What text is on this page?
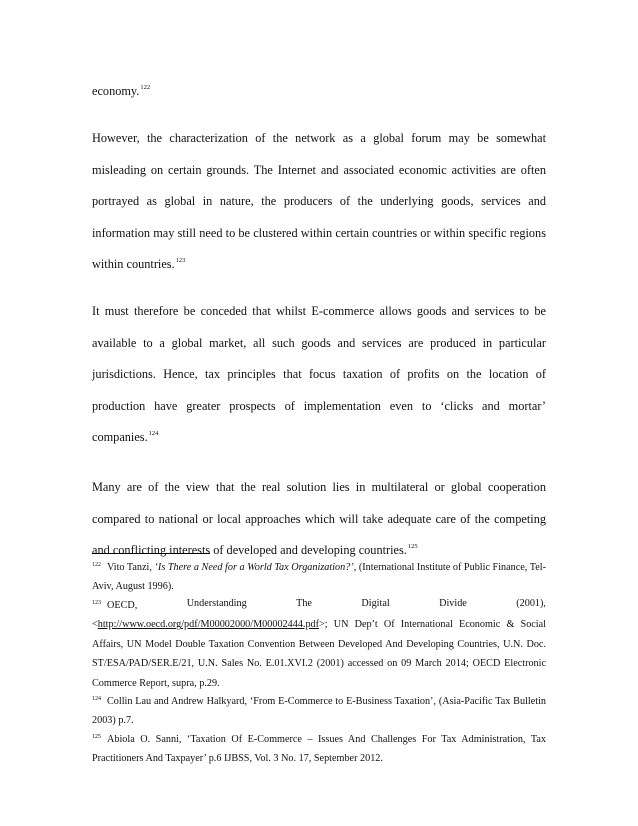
economy.$^{122}$
However, the characterization of the network as a global forum may be somewhat misleading on certain grounds. The Internet and associated economic activities are often portrayed as global in nature, the producers of the underlying goods, services and information may still need to be clustered within certain countries or within specific regions within countries.$^{123}$
It must therefore be conceded that whilst E-commerce allows goods and services to be available to a global market, all such goods and services are produced in particular jurisdictions. Hence, tax principles that focus taxation of profits on the location of production have greater prospects of implementation even to ‘clicks and mortar’ companies.$^{124}$
Many are of the view that the real solution lies in multilateral or global cooperation compared to national or local approaches which will take adequate care of the competing and conflicting interests of developed and developing countries.$^{125}$
$^{122}$ Vito Tanzi, ‘Is There a Need for a World Tax Organization?’, (International Institute of Public Finance, Tel-Aviv, August 1996).
$^{123}$ OECD,	Understanding	The	Digital	Divide	(2001),
<http://www.oecd.org/pdf/M00002000/M00002444.pdf>; UN Dep’t Of International Economic & Social Affairs, UN Model Double Taxation Convention Between Developed And Developing Countries, U.N. Doc. ST/ESA/PAD/SER.E/21, U.N. Sales No. E.01.XVI.2 (2001) accessed on 09 March 2014; OECD Electronic Commerce Report, supra, p.29.
$^{124}$ Collin Lau and Andrew Halkyard, ‘From E-Commerce to E-Business Taxation’, (Asia-Pacific Tax Bulletin 2003) p.7.
$^{125}$ Abiola O. Sanni, ‘Taxation Of E-Commerce – Issues And Challenges For Tax Administration, Tax Practitioners And Taxpayer’ p.6 IJBSS, Vol. 3 No. 17, September 2012.
